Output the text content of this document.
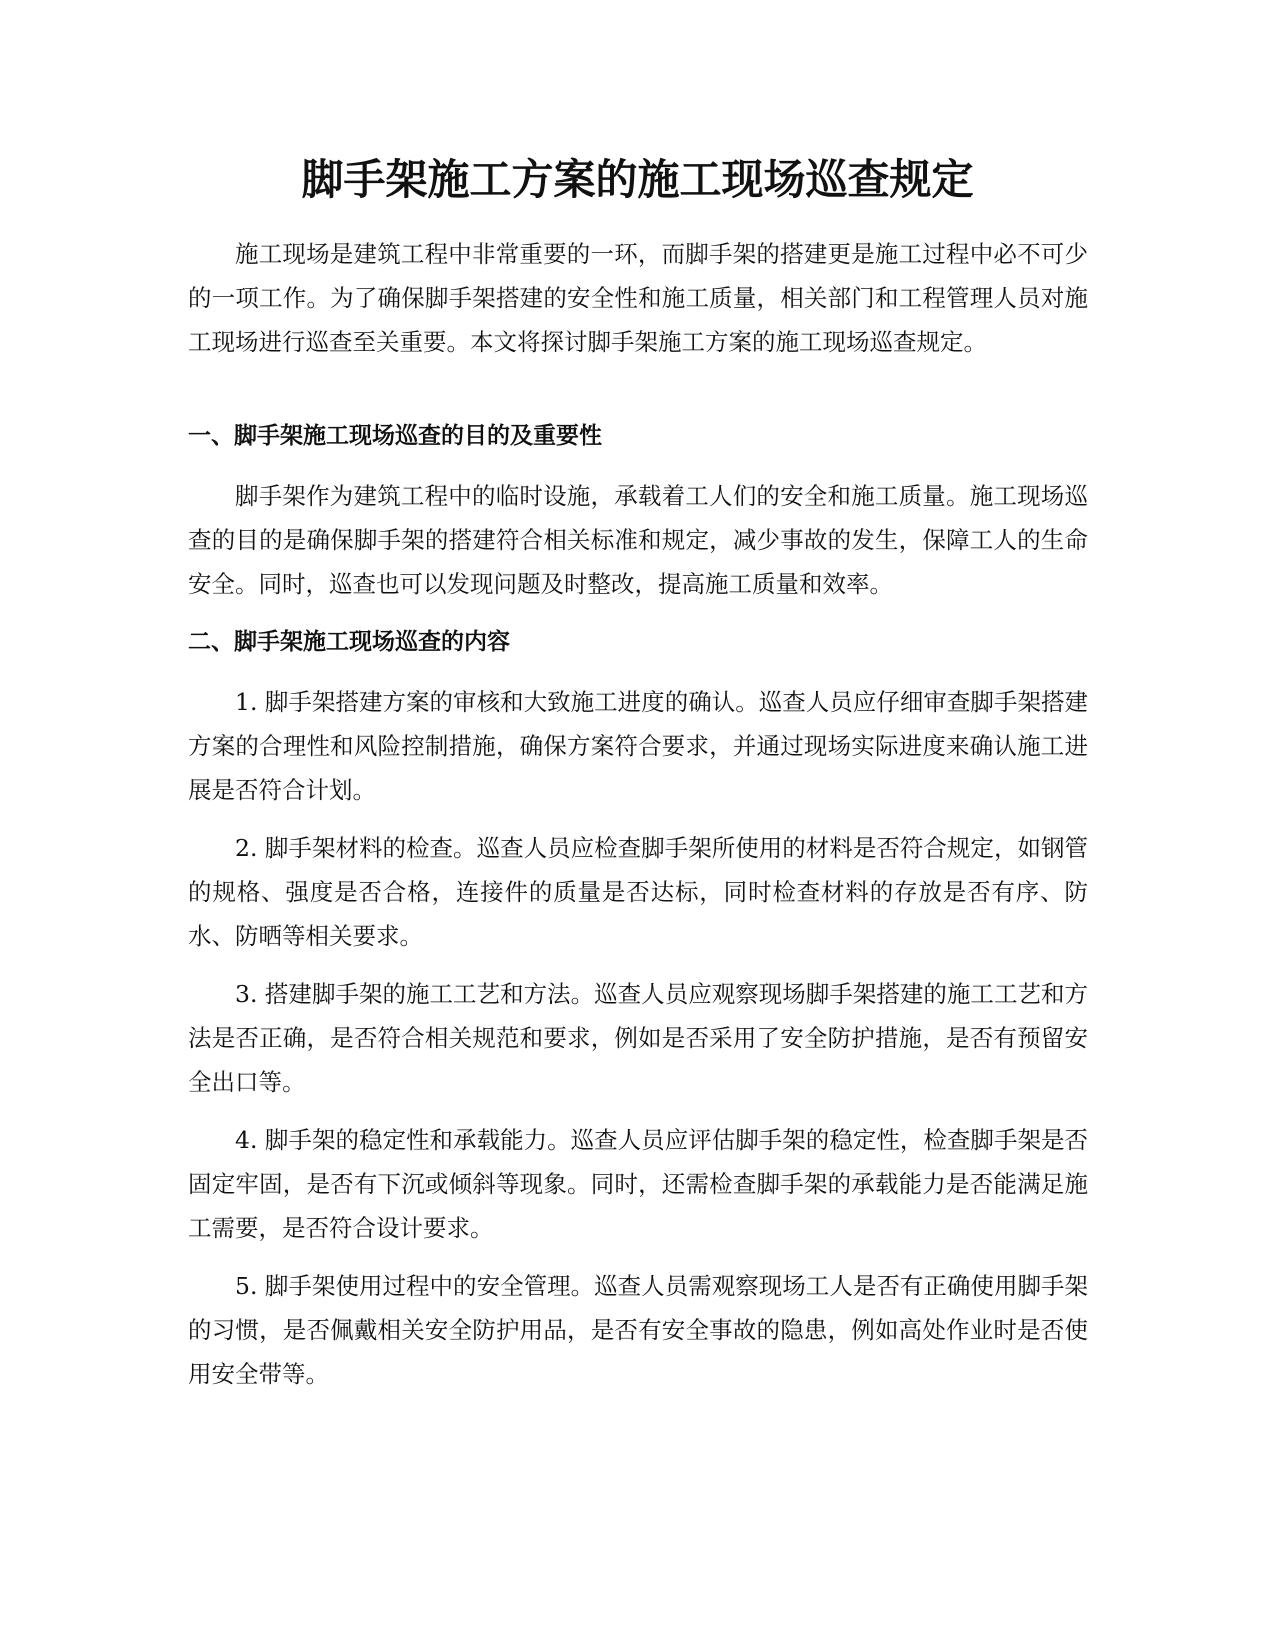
脚手架施工方案的施工现场巡查规定

施工现场是建筑工程中非常重要的一环，而脚手架的搭建更是施工过程中必不可少的一项工作。为了确保脚手架搭建的安全性和施工质量，相关部门和工程管理人员对施工现场进行巡查至关重要。本文将探讨脚手架施工方案的施工现场巡查规定。

一、脚手架施工现场巡查的目的及重要性

脚手架作为建筑工程中的临时设施，承载着工人们的安全和施工质量。施工现场巡查的目的是确保脚手架的搭建符合相关标准和规定，减少事故的发生，保障工人的生命安全。同时，巡查也可以发现问题及时整改，提高施工质量和效率。

二、脚手架施工现场巡查的内容

1. 脚手架搭建方案的审核和大致施工进度的确认。巡查人员应仔细审查脚手架搭建方案的合理性和风险控制措施，确保方案符合要求，并通过现场实际进度来确认施工进展是否符合计划。

2. 脚手架材料的检查。巡查人员应检查脚手架所使用的材料是否符合规定，如钢管的规格、强度是否合格，连接件的质量是否达标，同时检查材料的存放是否有序、防水、防晒等相关要求。

3. 搭建脚手架的施工工艺和方法。巡查人员应观察现场脚手架搭建的施工工艺和方法是否正确，是否符合相关规范和要求，例如是否采用了安全防护措施，是否有预留安全出口等。

4. 脚手架的稳定性和承载能力。巡查人员应评估脚手架的稳定性，检查脚手架是否固定牢固，是否有下沉或倾斜等现象。同时，还需检查脚手架的承载能力是否能满足施工需要，是否符合设计要求。

5. 脚手架使用过程中的安全管理。巡查人员需观察现场工人是否有正确使用脚手架的习惯，是否佩戴相关安全防护用品，是否有安全事故的隐患，例如高处作业时是否使用安全带等。
